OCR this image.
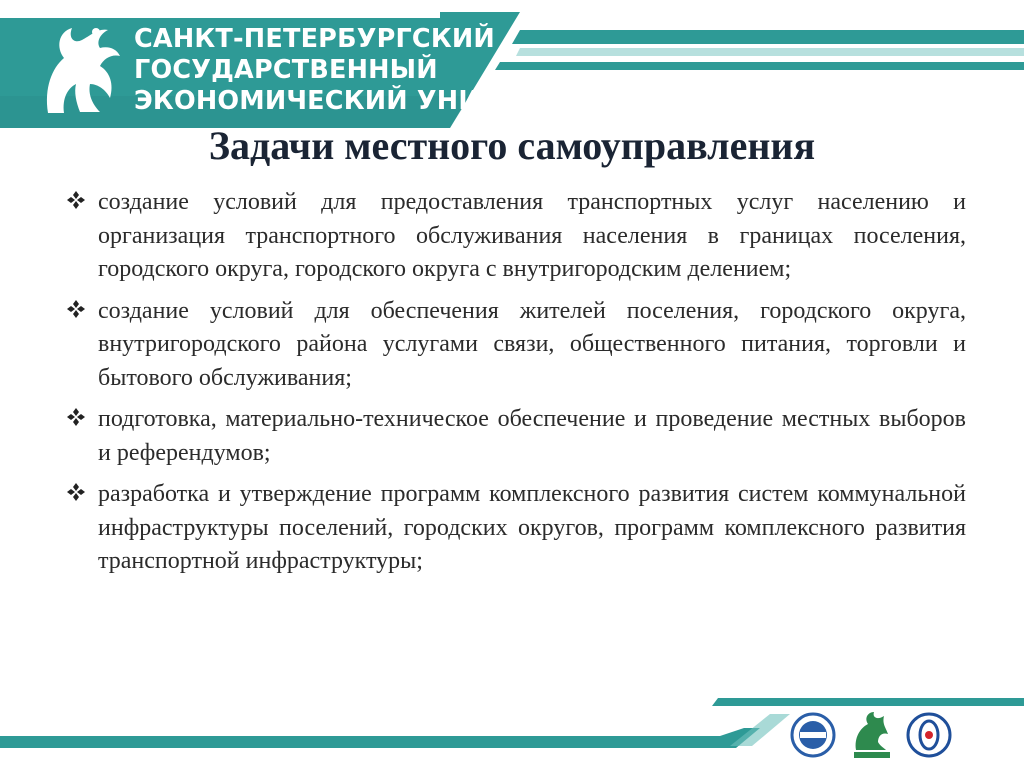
САНКТ-ПЕТЕРБУРГСКИЙ
ГОСУДАРСТВЕННЫЙ
ЭКОНОМИЧЕСКИЙ УНИВЕРСИТЕТ
Задачи местного самоуправления
создание условий для предоставления транспортных услуг населению и организация транспортного обслуживания населения в границах поселения, городского округа, городского округа с внутригородским делением;
создание условий для обеспечения жителей поселения, городского округа, внутригородского района услугами связи, общественного питания, торговли и бытового обслуживания;
подготовка, материально-техническое обеспечение и проведение местных выборов и референдумов;
разработка и утверждение программ комплексного развития систем коммунальной инфраструктуры поселений, городских округов, программ комплексного развития транспортной инфраструктуры;
